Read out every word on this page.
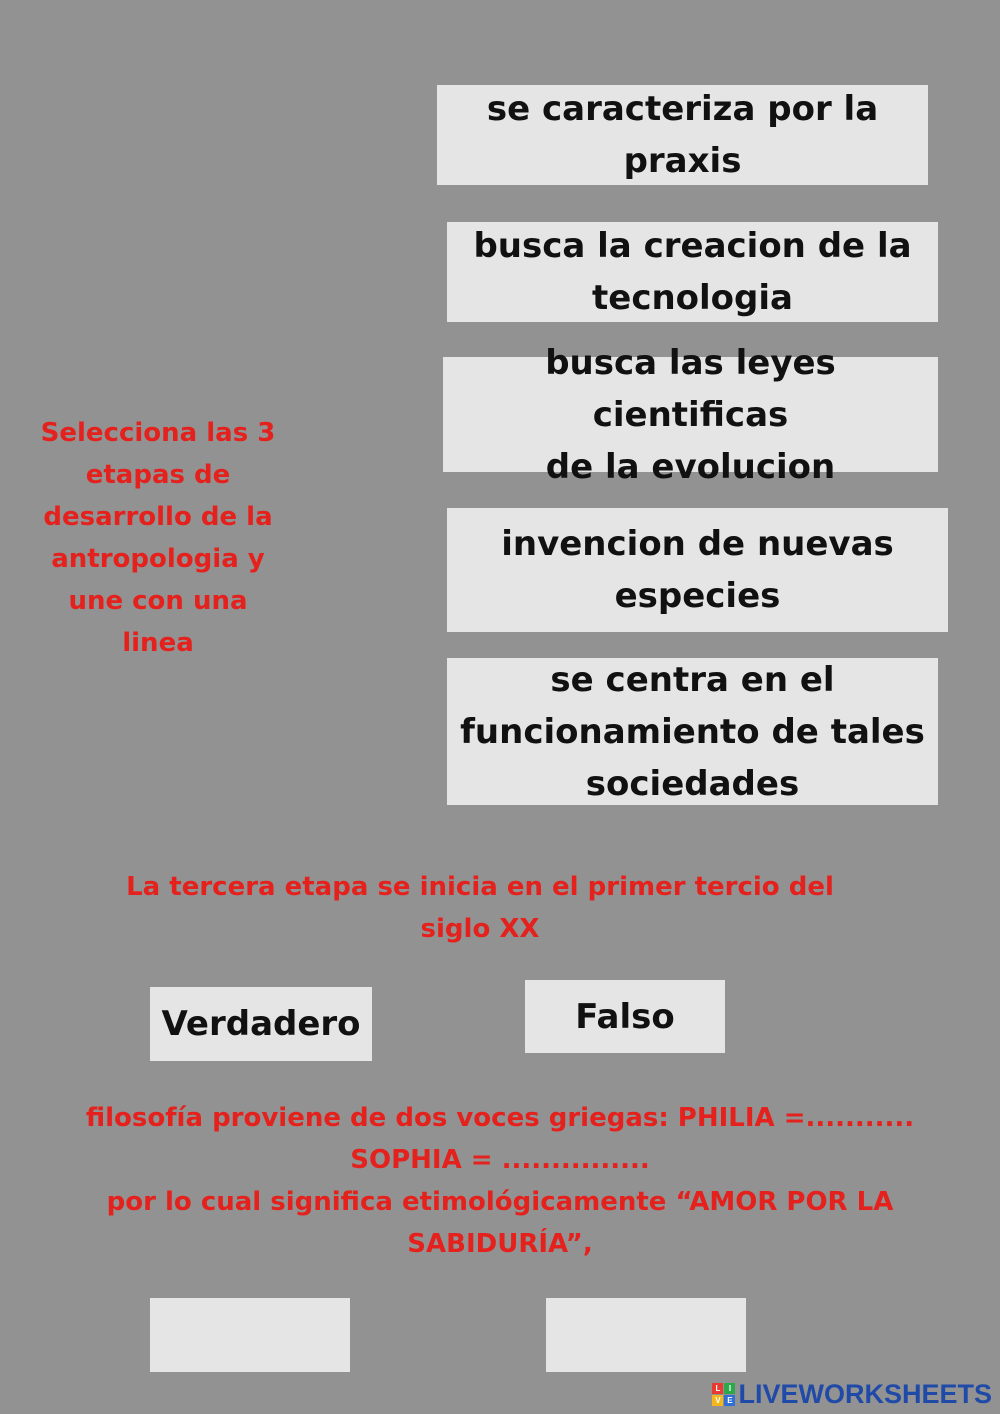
se caracteriza por la
praxis
busca la creacion de la
tecnologia
busca las leyes cientificas
de la evolucion
invencion de nuevas
especies
se centra en el
funcionamiento de tales
sociedades
Selecciona las 3
etapas de
desarrollo de la
antropologia y
une con una
linea
La tercera etapa se inicia en el primer tercio del
siglo XX
Verdadero	Falso
filosofía proviene de dos voces griegas: PHILIA =...........
SOPHIA = ...............
por lo cual significa etimológicamente “AMOR POR LA
SABIDURÍA”,
L	I
V E LIVEWORKSHEETS
